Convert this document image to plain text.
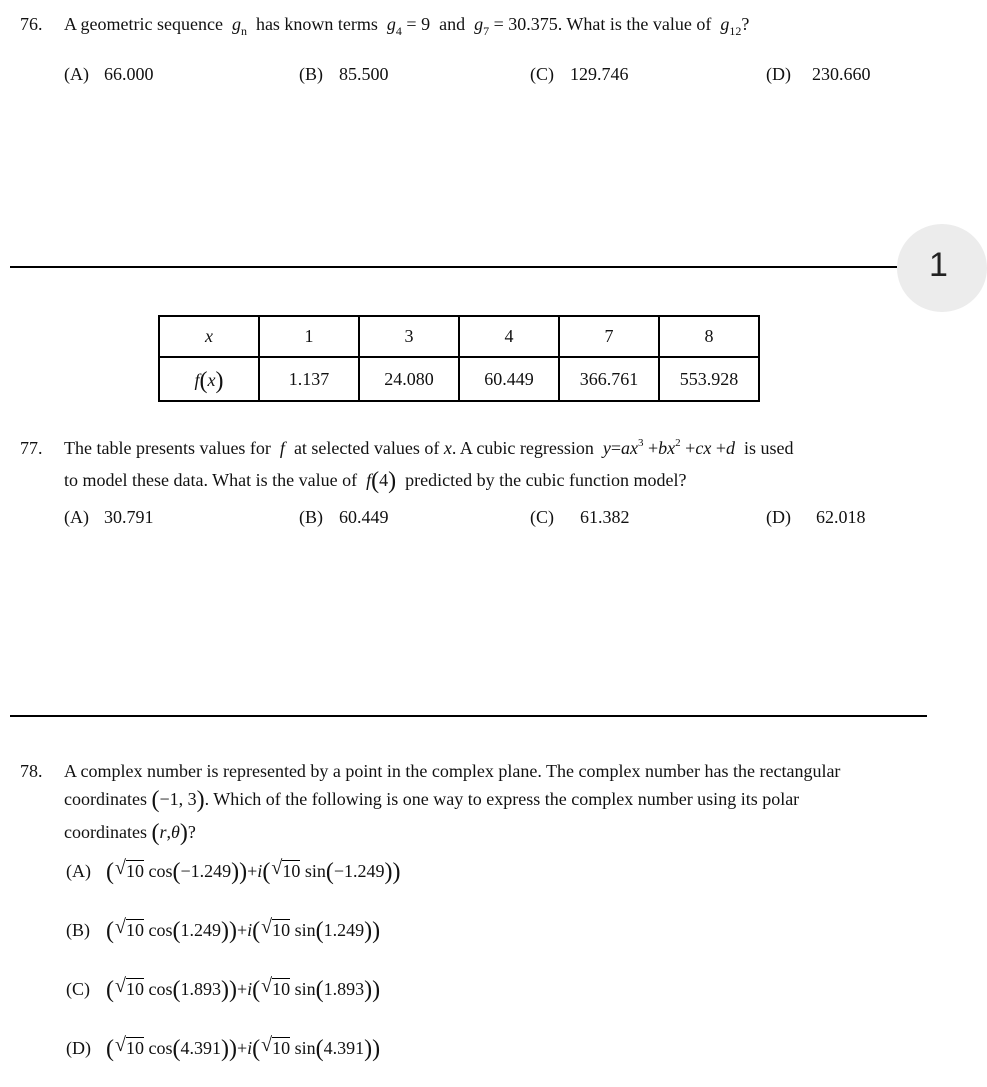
76. A geometric sequence $g_n$ has known terms $g_4 = 9$ and $g_7 = 30.375$. What is the value of $g_{12}$?
(A) 66.000	(B) 85.500	(C) 129.746	(D) 230.660
1
x	1	3	4	7	8
f(x)	1.137	24.080	60.449	366.761	553.928
77. The table presents values for f at selected values of x. A cubic regression $y=ax^3 +bx^2 +cx +d$ is used
to model these data. What is the value of f(4) predicted by the cubic function model?
(A) 30.791	(B) 60.449	(C) 61.382	(D) 62.018
78. A complex number is represented by a point in the complex plane. The complex number has the rectangular
coordinates (−1, 3). Which of the following is one way to express the complex number using its polar
coordinates (r,θ)?
(A) ( √ 10 cos(−1.249))+i( √ 10 sin(−1.249))
(B) ( √ 10 cos(1.249))+i( √ 10 sin(1.249))
(C) ( √ 10 cos(1.893))+i( √ 10 sin(1.893))
(D) ( √ 10 cos(4.391))+i( √ 10 sin(4.391))
